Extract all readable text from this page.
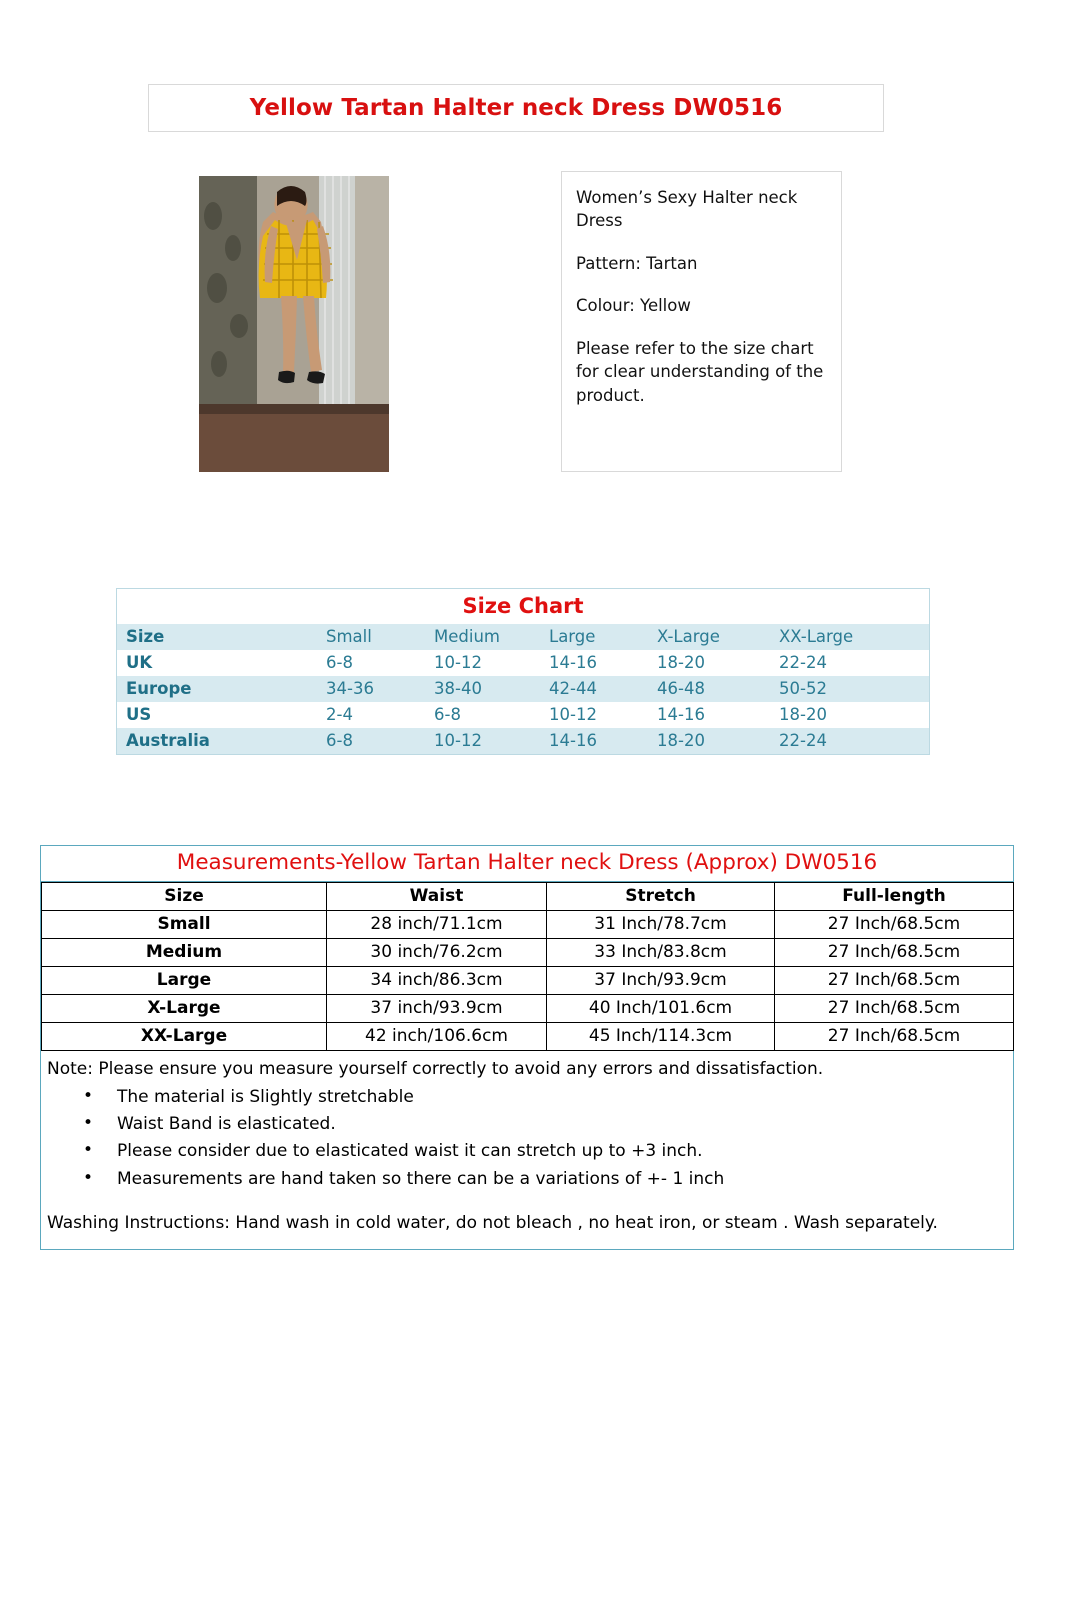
Yellow Tartan Halter neck Dress DW0516

Women’s Sexy Halter neck Dress

Pattern: Tartan

Colour: Yellow

Please refer to the size chart for clear understanding of the product.

Size Chart
Size	Small	Medium	Large	X-Large	XX-Large
UK	6-8	10-12	14-16	18-20	22-24
Europe	34-36	38-40	42-44	46-48	50-52
US	2-4	6-8	10-12	14-16	18-20
Australia	6-8	10-12	14-16	18-20	22-24
Measurements-Yellow Tartan Halter neck Dress (Approx) DW0516
Size	Waist	Stretch	Full-length
Small	28 inch/71.1cm	31 Inch/78.7cm	27 Inch/68.5cm
Medium	30 inch/76.2cm	33 Inch/83.8cm	27 Inch/68.5cm
Large	34 inch/86.3cm	37 Inch/93.9cm	27 Inch/68.5cm
X-Large	37 inch/93.9cm	40 Inch/101.6cm	27 Inch/68.5cm
XX-Large	42 inch/106.6cm	45 Inch/114.3cm	27 Inch/68.5cm
Note: Please ensure you measure yourself correctly to avoid any errors and dissatisfaction.
• The material is Slightly stretchable
• Waist Band is elasticated.
• Please consider due to elasticated waist it can stretch up to +3 inch.
• Measurements are hand taken so there can be a variations of +- 1 inch
Washing Instructions: Hand wash in cold water, do not bleach , no heat iron, or steam . Wash separately.
